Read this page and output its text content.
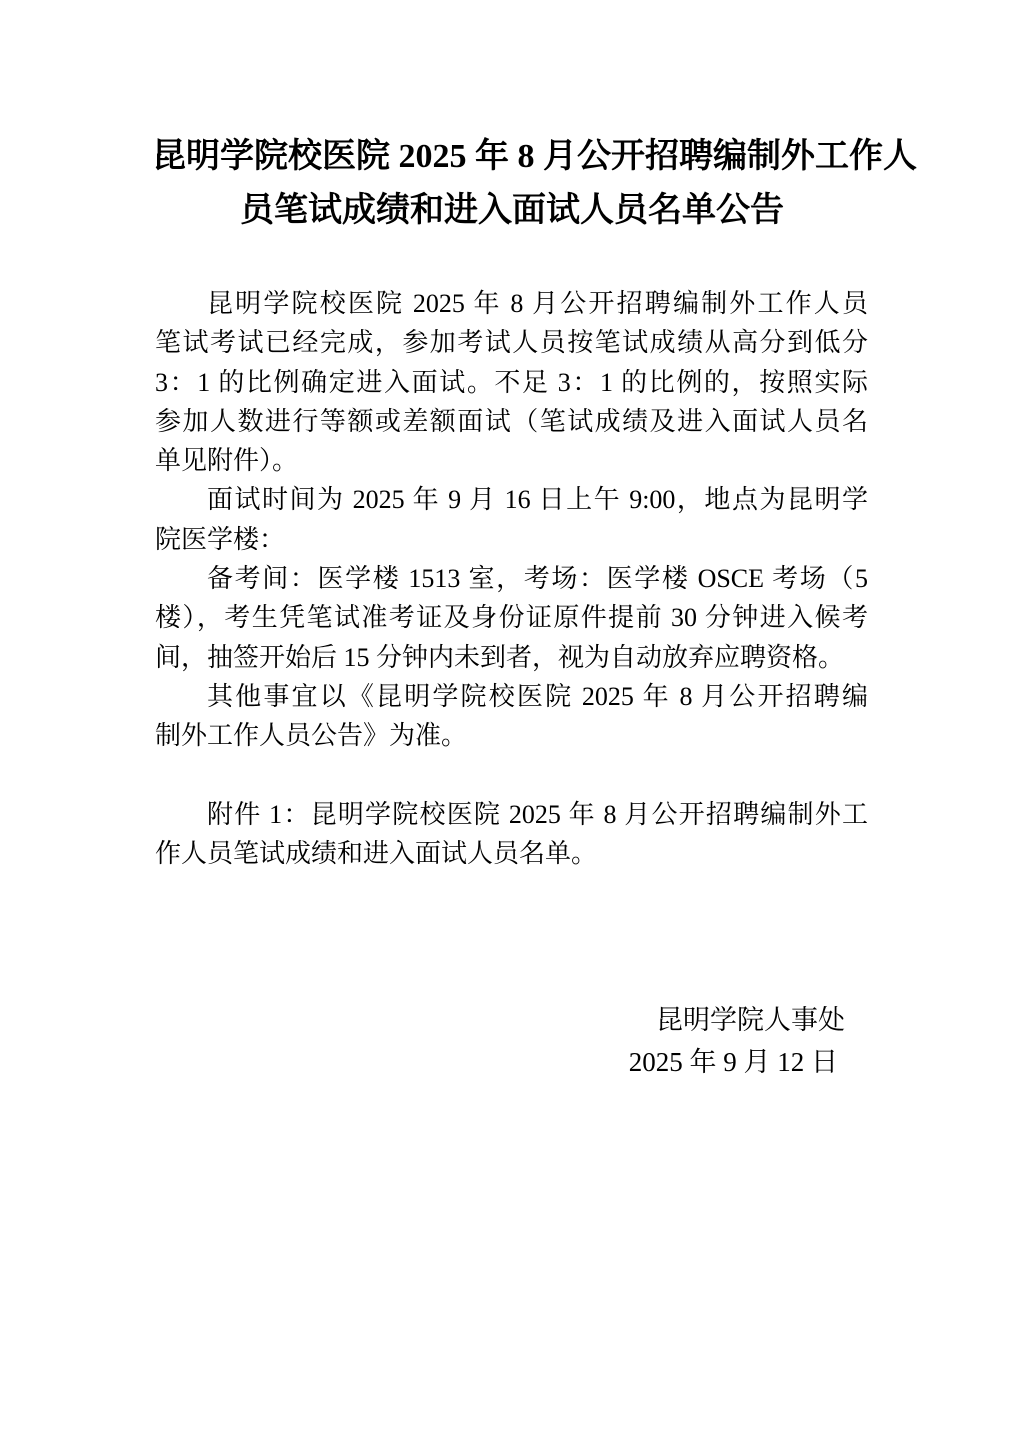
昆明学院校医院 2025 年 8 月公开招聘编制外工作人
员笔试成绩和进入面试人员名单公告
昆明学院校医院 2025 年 8 月公开招聘编制外工作人员
笔试考试已经完成，参加考试人员按笔试成绩从高分到低分
3：1 的比例确定进入面试。不足 3：1 的比例的，按照实际
参加人数进行等额或差额面试（笔试成绩及进入面试人员名
单见附件）。
面试时间为 2025 年 9 月 16 日上午 9:00，地点为昆明学
院医学楼：
备考间：医学楼 1513 室，考场：医学楼 OSCE 考场（5
楼），考生凭笔试准考证及身份证原件提前 30 分钟进入候考
间，抽签开始后 15 分钟内未到者，视为自动放弃应聘资格。
其他事宜以《昆明学院校医院 2025 年 8 月公开招聘编
制外工作人员公告》为准。
附件 1：昆明学院校医院 2025 年 8 月公开招聘编制外工
作人员笔试成绩和进入面试人员名单。
昆明学院人事处
2025 年 9 月 12 日
